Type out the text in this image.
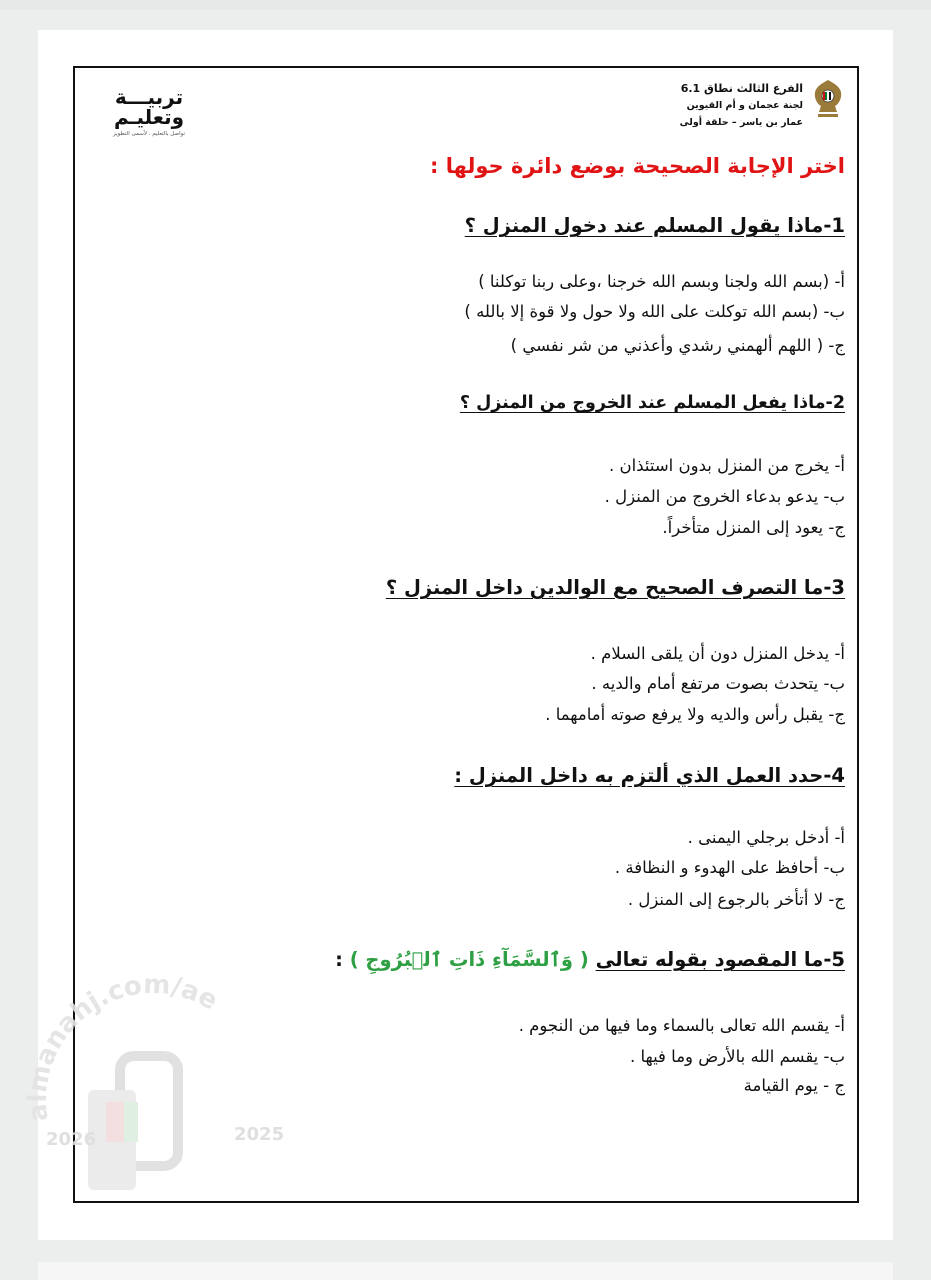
الفرع الثالث نطاق 6.1
لجنة عجمان و أم القيوين
عمار بن ياسر – حلقة أولى
تربيـــة
وتعليـم
تواصل بالتعليم . لأسمى التطوير
اختر الإجابة الصحيحة بوضع دائرة حولها :
1-ماذا يقول المسلم عند دخول المنزل ؟
أ- (بسم الله ولجنا وبسم الله خرجنا ،وعلى ربنا توكلنا )
ب- (بسم الله توكلت على الله ولا حول ولا قوة إلا بالله )
ج- ( اللهم ألهمني رشدي وأعذني من شر نفسي )
2-ماذا يفعل المسلم عند الخروج من المنزل ؟
أ- يخرج من المنزل بدون استئذان .
ب- يدعو بدعاء الخروج من المنزل .
ج- يعود إلى المنزل متأخراً.
3-ما التصرف الصحيح مع الوالدين داخل المنزل ؟
أ- يدخل المنزل دون أن يلقى السلام .
ب- يتحدث بصوت مرتفع أمام والديه .
ج- يقبل رأس والديه ولا يرفع صوته أمامهما .
4-حدد العمل الذي ألتزم به داخل المنزل :
أ- أدخل برجلي اليمنى .
ب- أحافظ على الهدوء و النظافة .
ج- لا أتأخر بالرجوع إلى المنزل .
5-ما المقصود بقوله تعالى ( وَٱلسَّمَآءِ ذَاتِ ٱلۡبُرُوجِ ) :
أ- يقسم الله تعالى بالسماء وما فيها من النجوم .
ب- يقسم الله بالأرض وما فيها .
ج - يوم القيامة
almanahj.com/ae
2026	2025
